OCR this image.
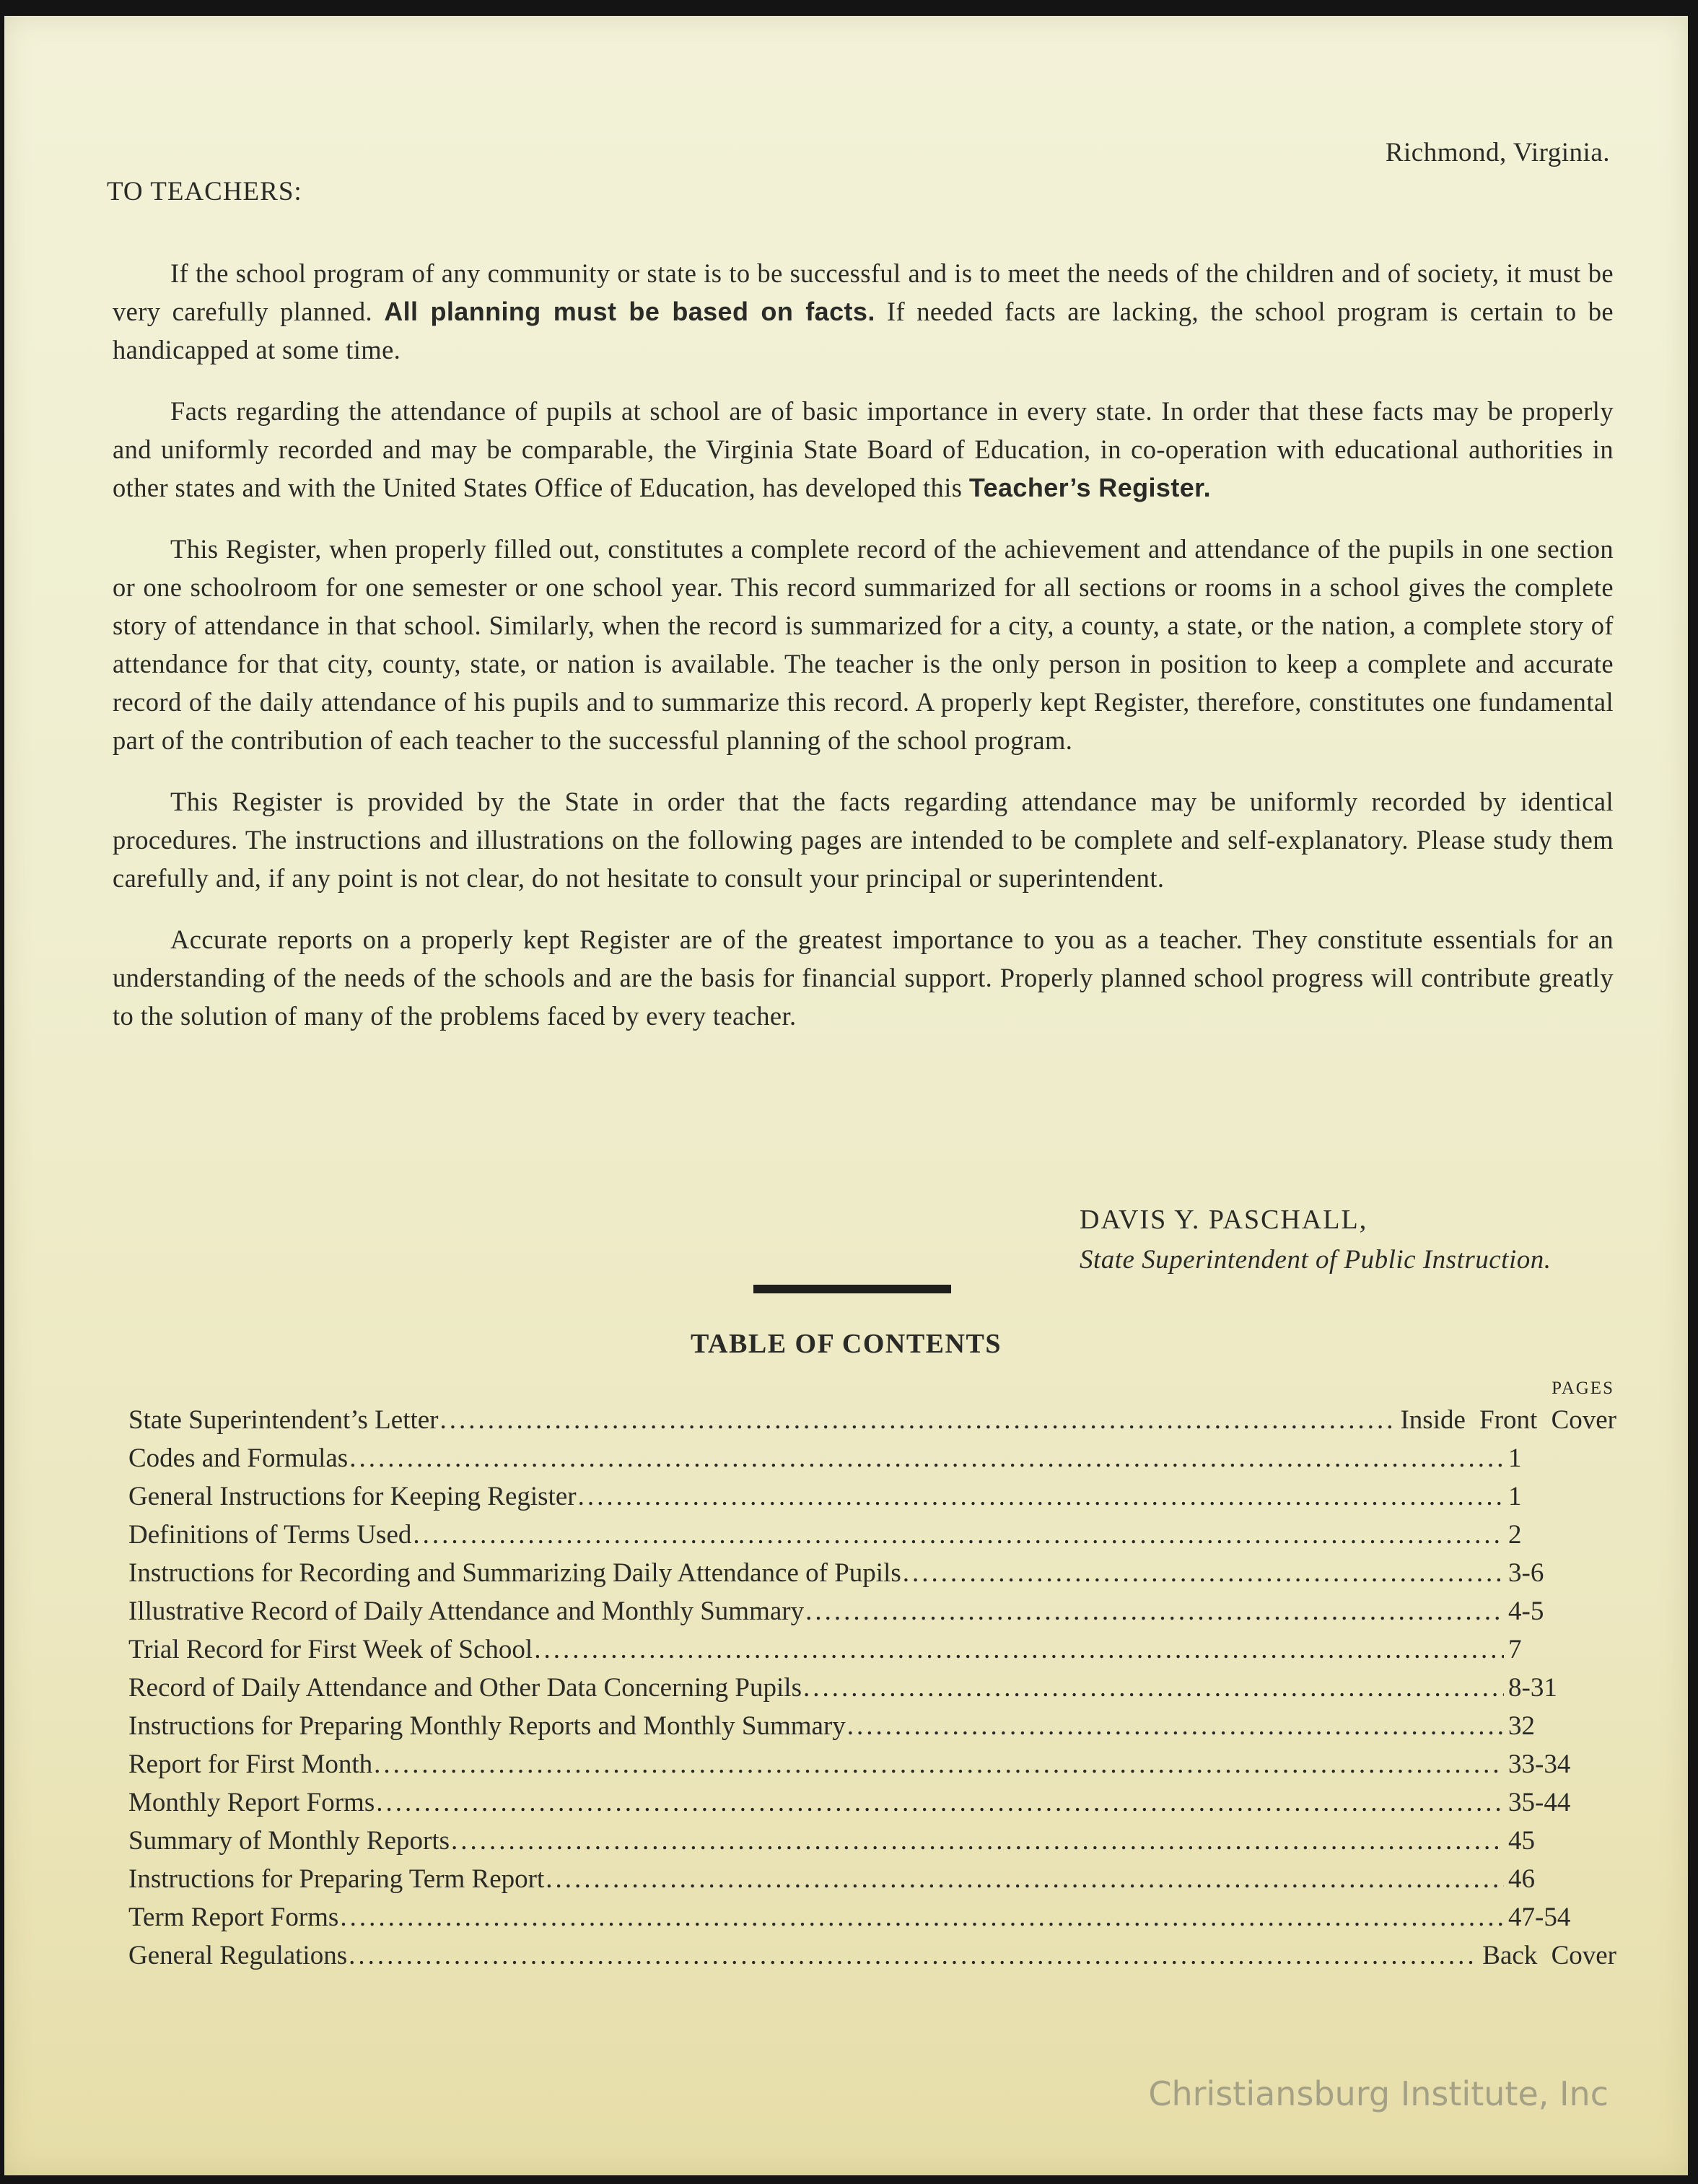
Richmond, Virginia.
TO TEACHERS:

If the school program of any community or state is to be successful and is to meet the needs of the children and of society, it must be very carefully planned. All planning must be based on facts. If needed facts are lacking, the school program is certain to be handicapped at some time.

Facts regarding the attendance of pupils at school are of basic importance in every state. In order that these facts may be properly and uniformly recorded and may be comparable, the Virginia State Board of Education, in co-operation with educational authorities in other states and with the United States Office of Education, has developed this Teacher’s Register.

This Register, when properly filled out, constitutes a complete record of the achievement and attendance of the pupils in one section or one schoolroom for one semester or one school year. This record summarized for all sections or rooms in a school gives the complete story of attendance in that school. Similarly, when the record is summarized for a city, a county, a state, or the nation, a complete story of attendance for that city, county, state, or nation is available. The teacher is the only person in position to keep a complete and accurate record of the daily attendance of his pupils and to summarize this record. A properly kept Register, therefore, constitutes one fundamental part of the contribution of each teacher to the successful planning of the school program.

This Register is provided by the State in order that the facts regarding attendance may be uniformly recorded by identical procedures. The instructions and illustrations on the following pages are intended to be complete and self-explanatory. Please study them carefully and, if any point is not clear, do not hesitate to consult your principal or superintendent.

Accurate reports on a properly kept Register are of the greatest importance to you as a teacher. They constitute essentials for an understanding of the needs of the schools and are the basis for financial support. Properly planned school progress will contribute greatly to the solution of many of the problems faced by every teacher.

DAVIS Y. PASCHALL,
State Superintendent of Public Instruction.
TABLE OF CONTENTS
PAGES
State Superintendent’s Letter .....	Inside Front Cover
Codes and Formulas .....	1
General Instructions for Keeping Register .....	1
Definitions of Terms Used .....	2
Instructions for Recording and Summarizing Daily Attendance of Pupils .....	3-6
Illustrative Record of Daily Attendance and Monthly Summary .....	4-5
Trial Record for First Week of School .....	7
Record of Daily Attendance and Other Data Concerning Pupils .....	8-31
Instructions for Preparing Monthly Reports and Monthly Summary .....	32
Report for First Month .....	33-34
Monthly Report Forms .....	35-44
Summary of Monthly Reports .....	45
Instructions for Preparing Term Report .....	46
Term Report Forms .....	47-54
General Regulations .....	Back Cover
Christiansburg Institute, Inc
